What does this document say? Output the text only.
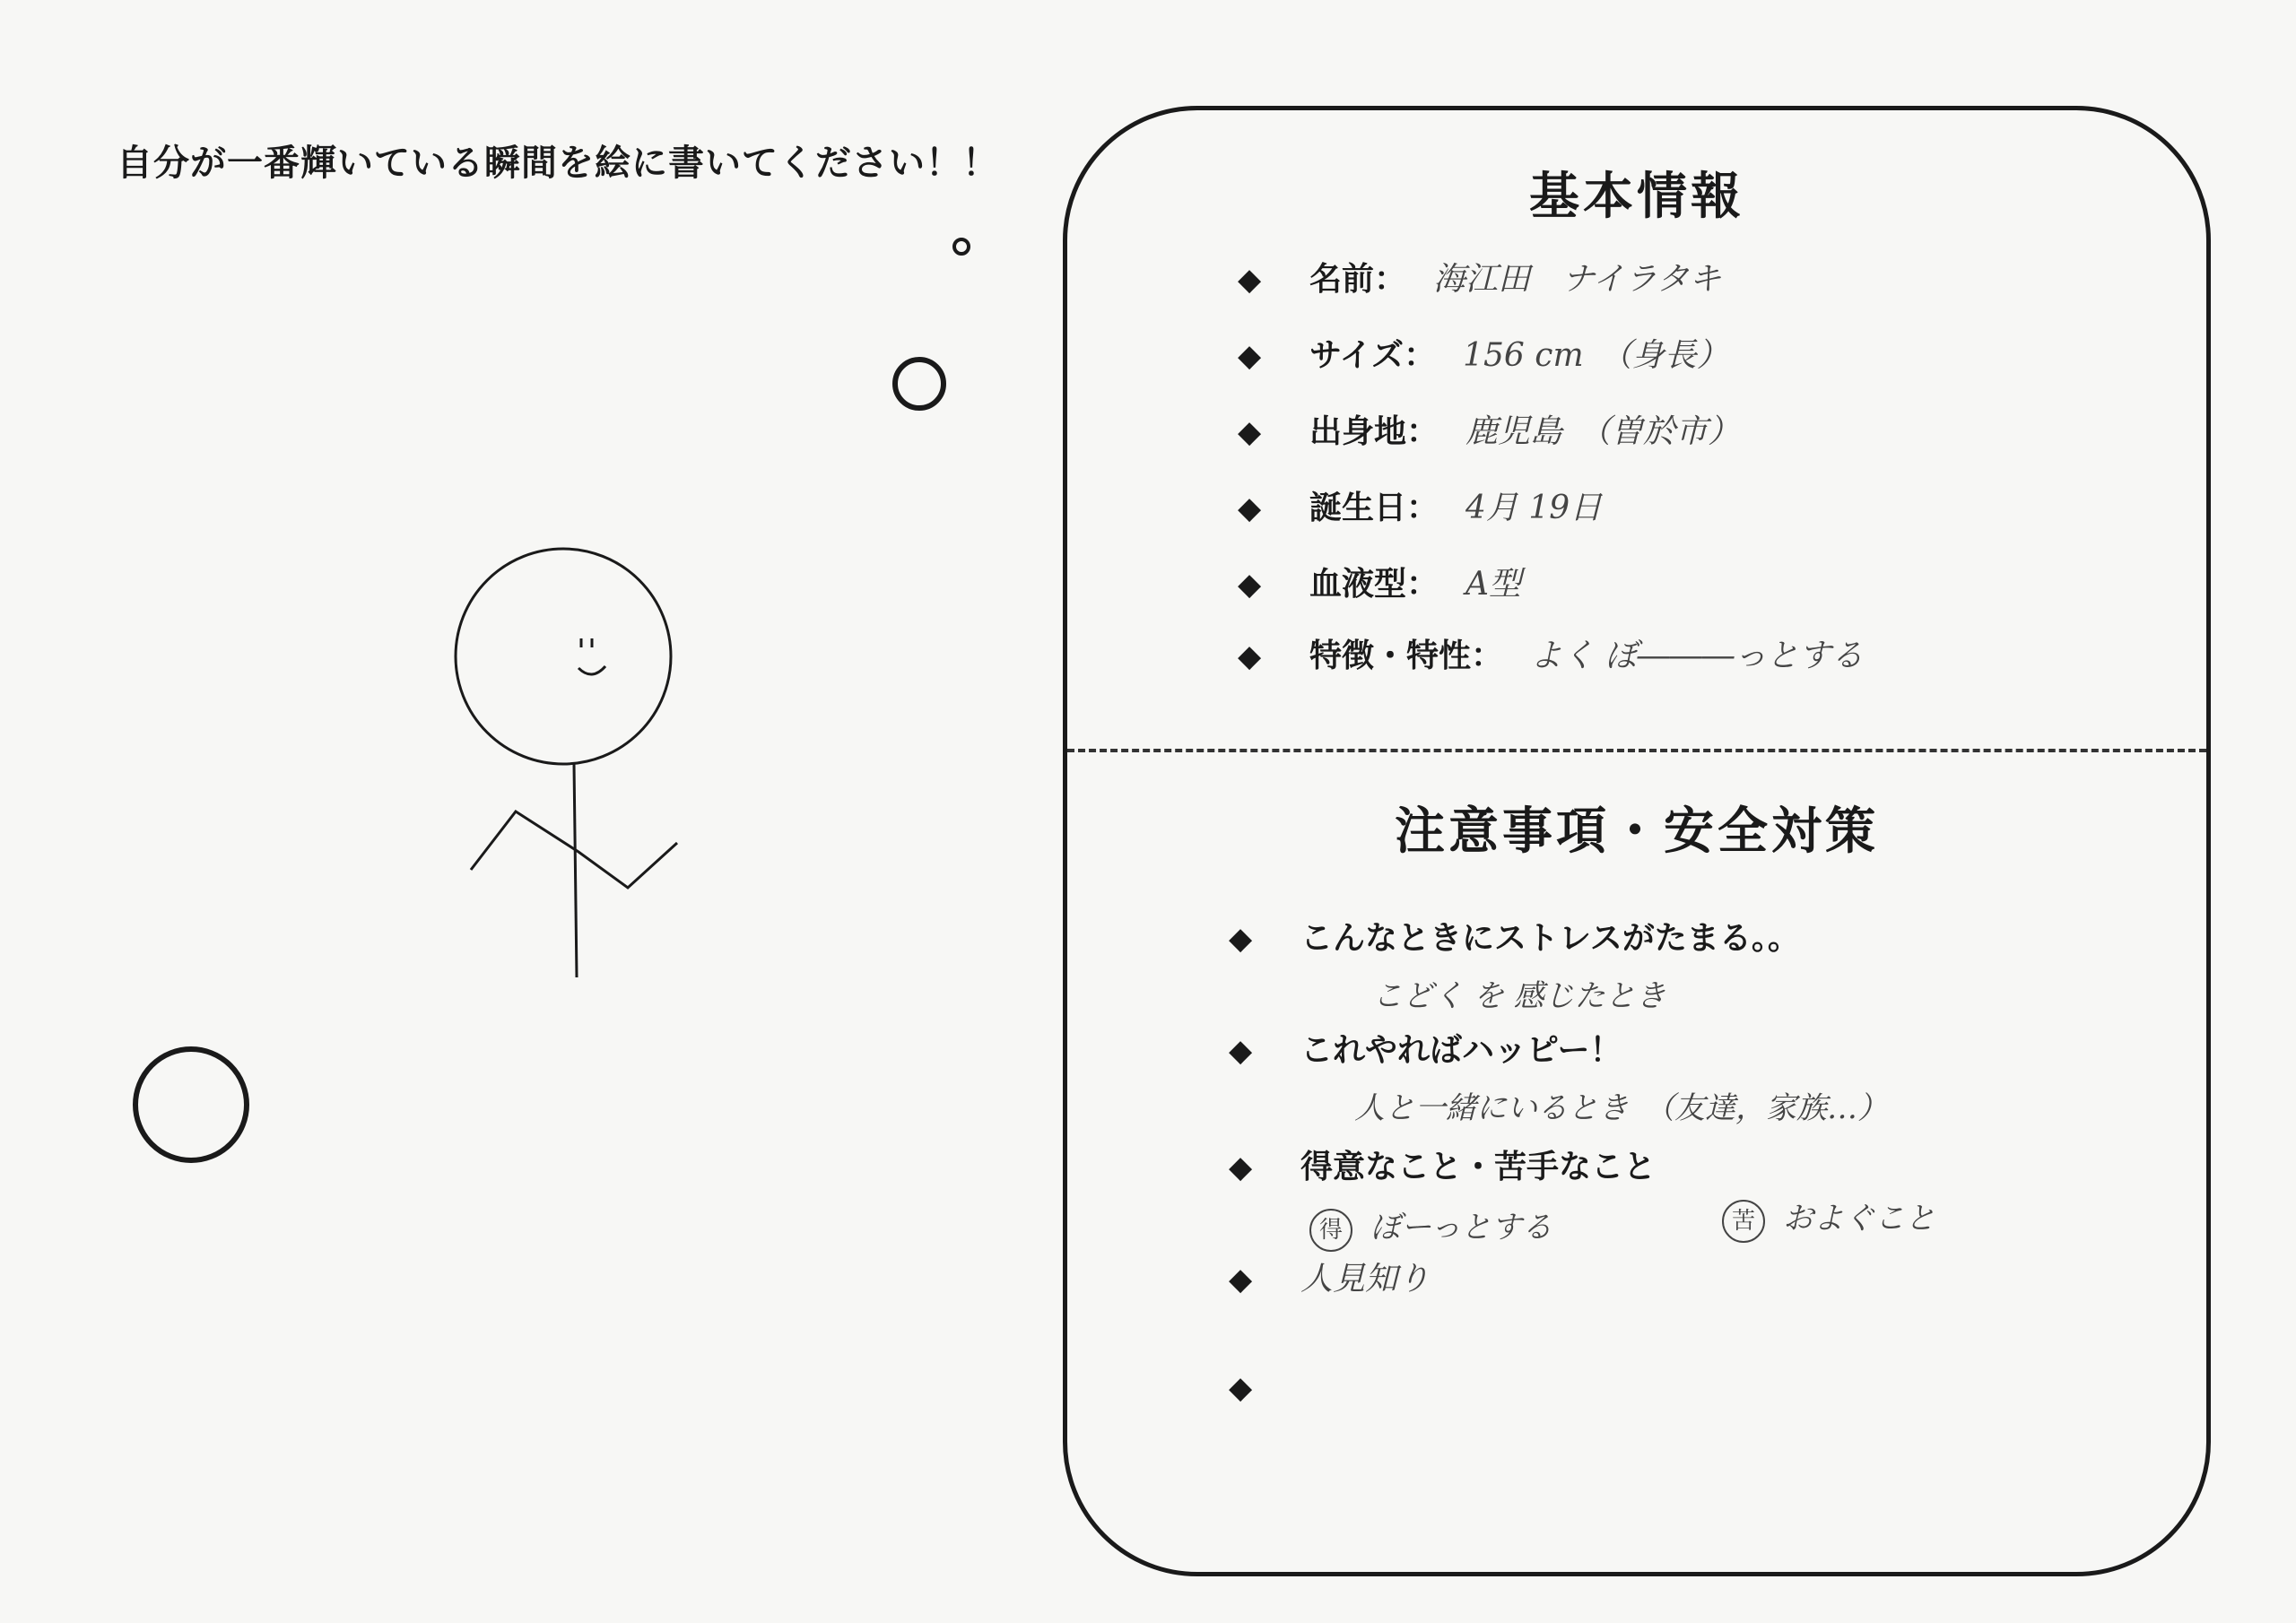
自分が一番輝いている瞬間を絵に書いてください！！
基本情報
◆	名前： 海江田　ナイラタキ
◆	サイズ： 156 cm　（身長）
◆	出身地： 鹿児島　（曽於市）
◆	誕生日： 4月 19日
◆	血液型： A型
◆	特徴・特性： よく ぼ―――っとする
注意事項・安全対策
◆	こんなときにストレスがたまる。。
こどく を 感じたとき
◆	これやればハッピー！
人と一緒にいるとき　（友達，家族…）
◆	得意なこと・苦手なこと
得 ぼーっとする	苦 およぐこと
◆	人見知り
◆
